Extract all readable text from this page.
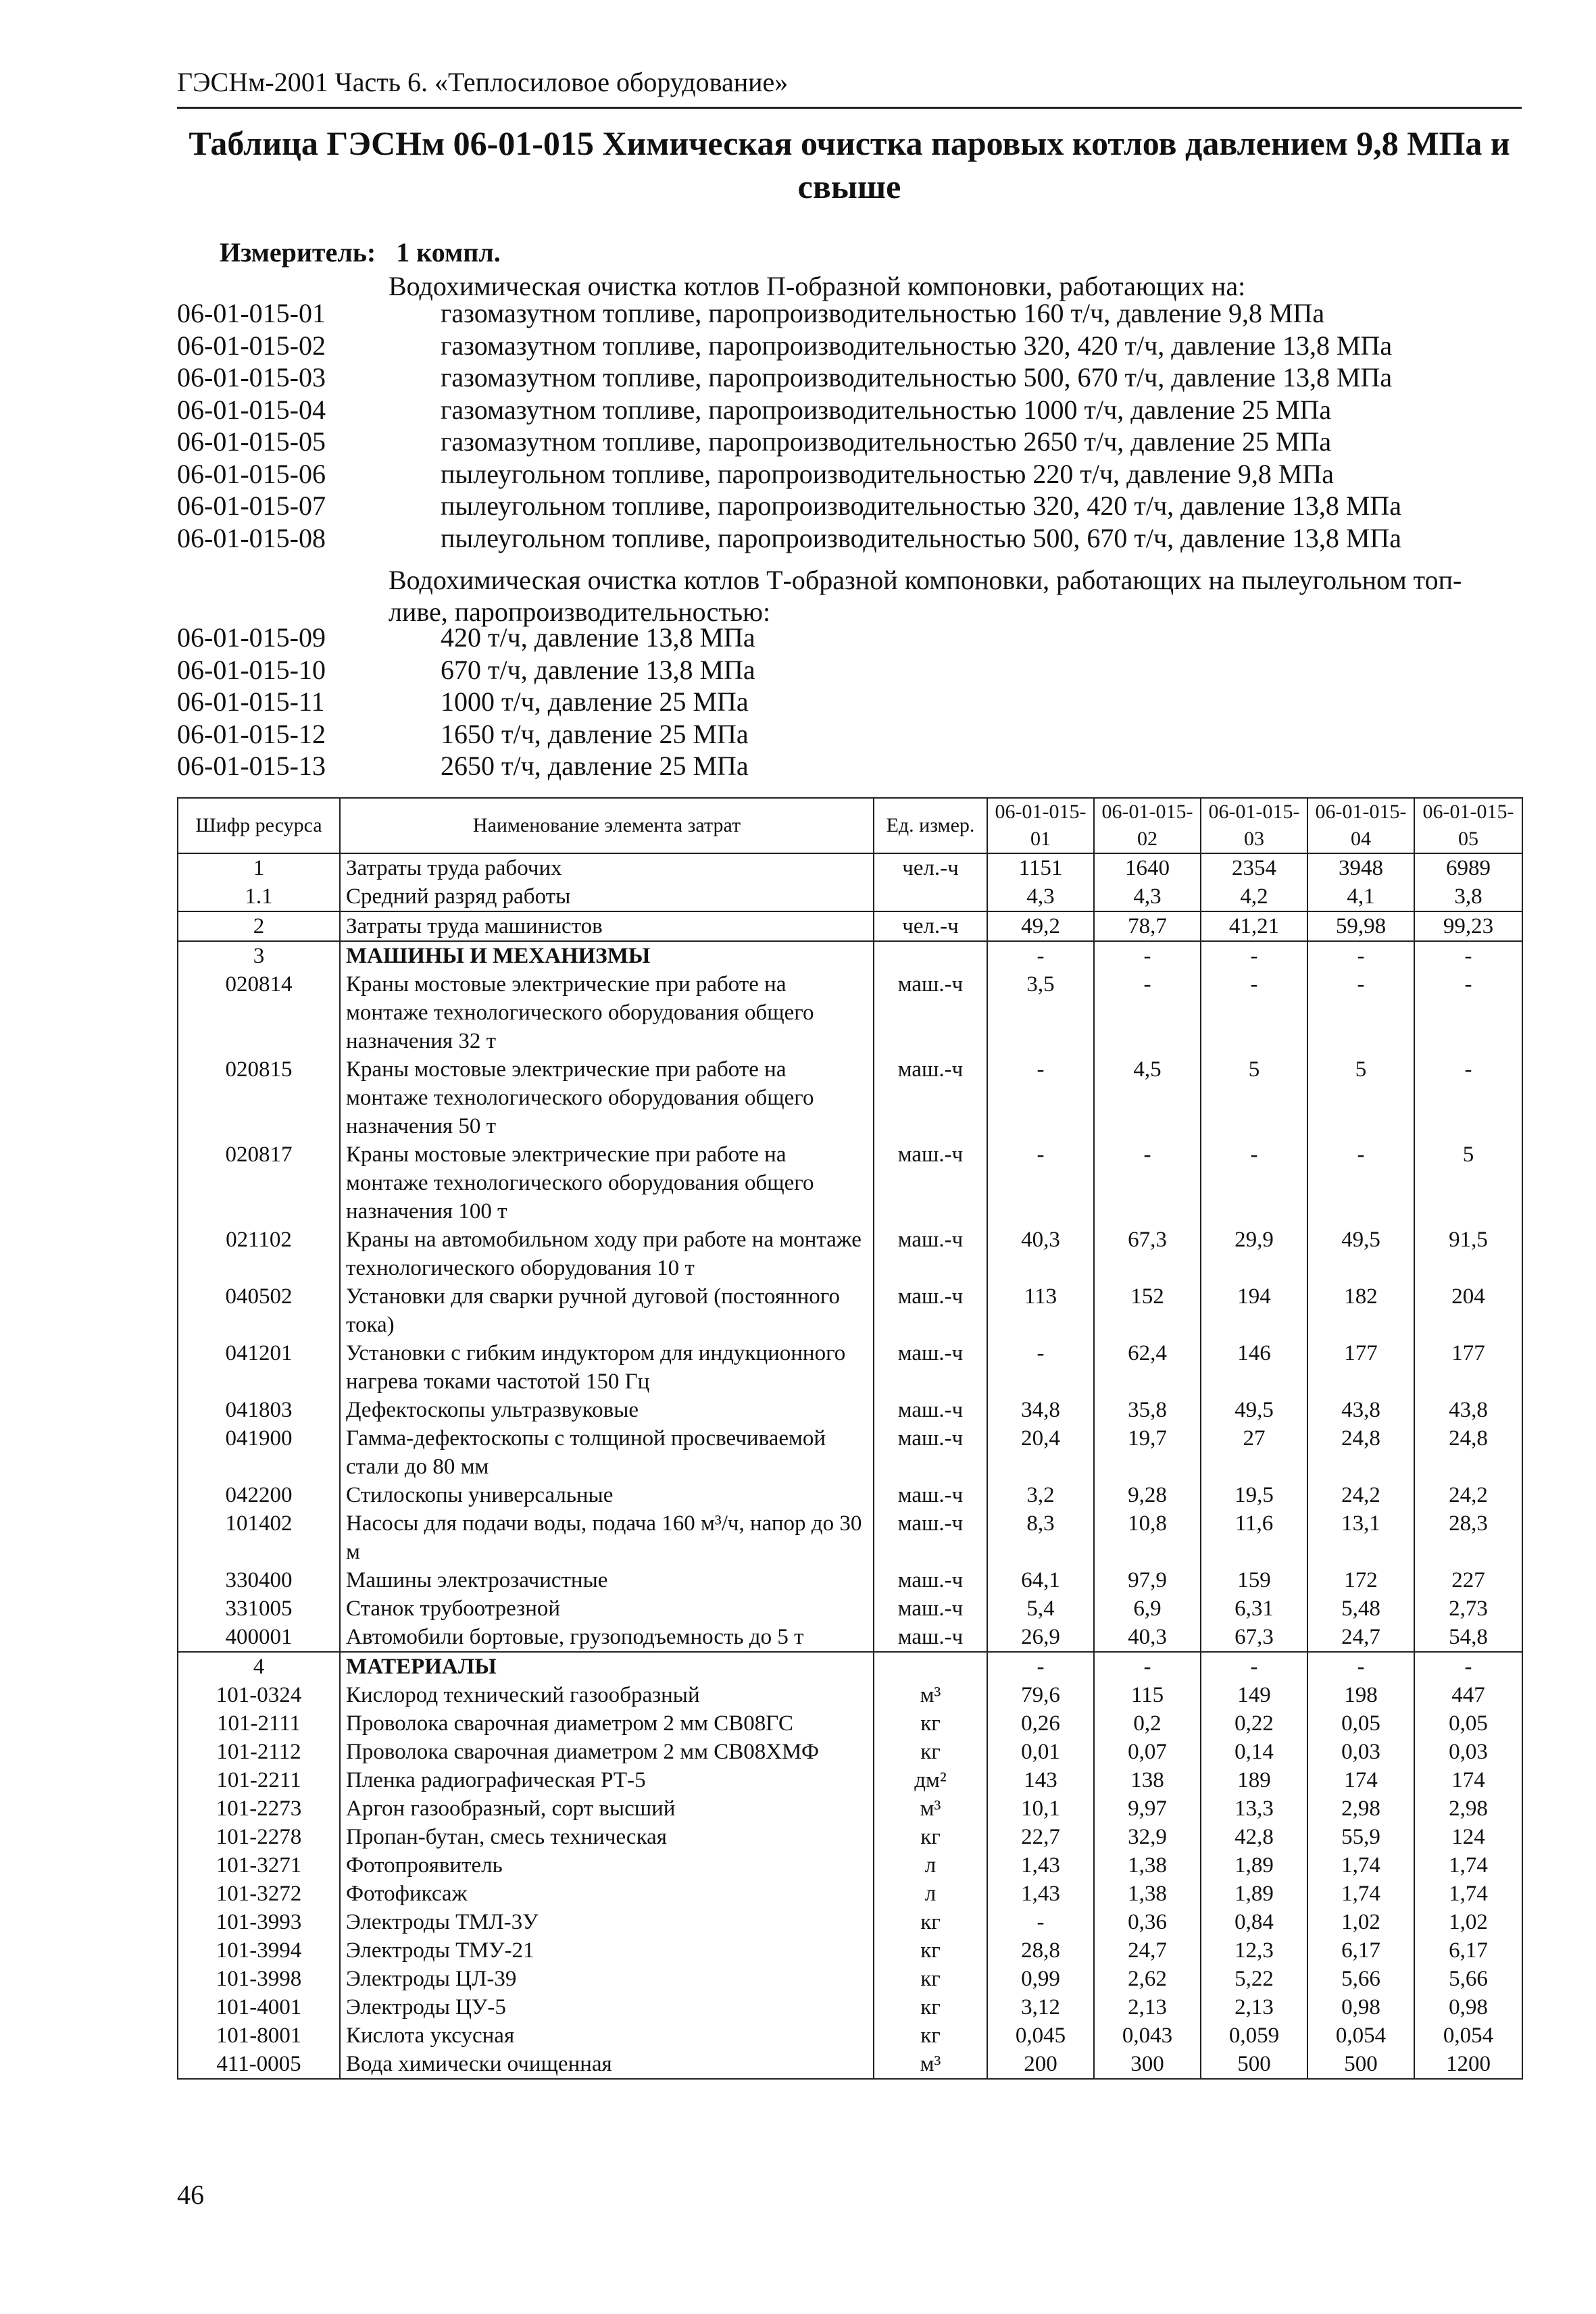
ГЭСНм-2001 Часть 6. «Теплосиловое оборудование»
Таблица ГЭСНм 06-01-015 Химическая очистка паровых котлов давлением 9,8 МПа и
свыше
Измеритель: 1 компл.
Водохимическая очистка котлов П-образной компоновки, работающих на:
06-01-015-01	газомазутном топливе, паропроизводительностью 160 т/ч, давление 9,8 МПа
06-01-015-02	газомазутном топливе, паропроизводительностью 320, 420 т/ч, давление 13,8 МПа
06-01-015-03	газомазутном топливе, паропроизводительностью 500, 670 т/ч, давление 13,8 МПа
06-01-015-04	газомазутном топливе, паропроизводительностью 1000 т/ч, давление 25 МПа
06-01-015-05	газомазутном топливе, паропроизводительностью 2650 т/ч, давление 25 МПа
06-01-015-06	пылеугольном топливе, паропроизводительностью 220 т/ч, давление 9,8 МПа
06-01-015-07	пылеугольном топливе, паропроизводительностью 320, 420 т/ч, давление 13,8 МПа
06-01-015-08	пылеугольном топливе, паропроизводительностью 500, 670 т/ч, давление 13,8 МПа
06-01-015-09	420 т/ч, давление 13,8 МПа
06-01-015-10	670 т/ч, давление 13,8 МПа
06-01-015-11	1000 т/ч, давление 25 МПа
06-01-015-12	1650 т/ч, давление 25 МПа
06-01-015-13	2650 т/ч, давление 25 МПа
Водохимическая очистка котлов Т-образной компоновки, работающих на пылеугольном топ-
ливе, паропроизводительностью:
Шифр ресурса	Наименование элемента затрат	Ед. измер.	06-01-015-01	06-01-015-02	06-01-015-03	06-01-015-04	06-01-015-05
1	Затраты труда рабочих	чел.-ч	1151	1640	2354	3948	6989
1.1	Средний разряд работы		4,3	4,3	4,2	4,1	3,8
2	Затраты труда машинистов	чел.-ч	49,2	78,7	41,21	59,98	99,23
3	МАШИНЫ И МЕХАНИЗМЫ		-	-	-	-	-
020814	Краны мостовые электрические при работе на монтаже технологического оборудования общего назначения 32 т	маш.-ч	3,5	-	-	-	-
020815	Краны мостовые электрические при работе на монтаже технологического оборудования общего назначения 50 т	маш.-ч	-	4,5	5	5	-
020817	Краны мостовые электрические при работе на монтаже технологического оборудования общего назначения 100 т	маш.-ч	-	-	-	-	5
021102	Краны на автомобильном ходу при работе на монтаже технологического оборудования 10 т	маш.-ч	40,3	67,3	29,9	49,5	91,5
040502	Установки для сварки ручной дуговой (постоянного тока)	маш.-ч	113	152	194	182	204
041201	Установки с гибким индуктором для индукционного нагрева токами частотой 150 Гц	маш.-ч	-	62,4	146	177	177
041803	Дефектоскопы ультразвуковые	маш.-ч	34,8	35,8	49,5	43,8	43,8
041900	Гамма-дефектоскопы с толщиной просвечиваемой стали до 80 мм	маш.-ч	20,4	19,7	27	24,8	24,8
042200	Стилоскопы универсальные	маш.-ч	3,2	9,28	19,5	24,2	24,2
101402	Насосы для подачи воды, подача 160 м³/ч, напор до 30 м	маш.-ч	8,3	10,8	11,6	13,1	28,3
330400	Машины электрозачистные	маш.-ч	64,1	97,9	159	172	227
331005	Станок трубоотрезной	маш.-ч	5,4	6,9	6,31	5,48	2,73
400001	Автомобили бортовые, грузоподъемность до 5 т	маш.-ч	26,9	40,3	67,3	24,7	54,8
4	МАТЕРИАЛЫ		-	-	-	-	-
101-0324	Кислород технический газообразный	м³	79,6	115	149	198	447
101-2111	Проволока сварочная диаметром 2 мм СВ08ГС	кг	0,26	0,2	0,22	0,05	0,05
101-2112	Проволока сварочная диаметром 2 мм СВ08ХМФ	кг	0,01	0,07	0,14	0,03	0,03
101-2211	Пленка радиографическая РТ-5	дм²	143	138	189	174	174
101-2273	Аргон газообразный, сорт высший	м³	10,1	9,97	13,3	2,98	2,98
101-2278	Пропан-бутан, смесь техническая	кг	22,7	32,9	42,8	55,9	124
101-3271	Фотопроявитель	л	1,43	1,38	1,89	1,74	1,74
101-3272	Фотофиксаж	л	1,43	1,38	1,89	1,74	1,74
101-3993	Электроды ТМЛ-3У	кг	-	0,36	0,84	1,02	1,02
101-3994	Электроды ТМУ-21	кг	28,8	24,7	12,3	6,17	6,17
101-3998	Электроды ЦЛ-39	кг	0,99	2,62	5,22	5,66	5,66
101-4001	Электроды ЦУ-5	кг	3,12	2,13	2,13	0,98	0,98
101-8001	Кислота уксусная	кг	0,045	0,043	0,059	0,054	0,054
411-0005	Вода химически очищенная	м³	200	300	500	500	1200
46
